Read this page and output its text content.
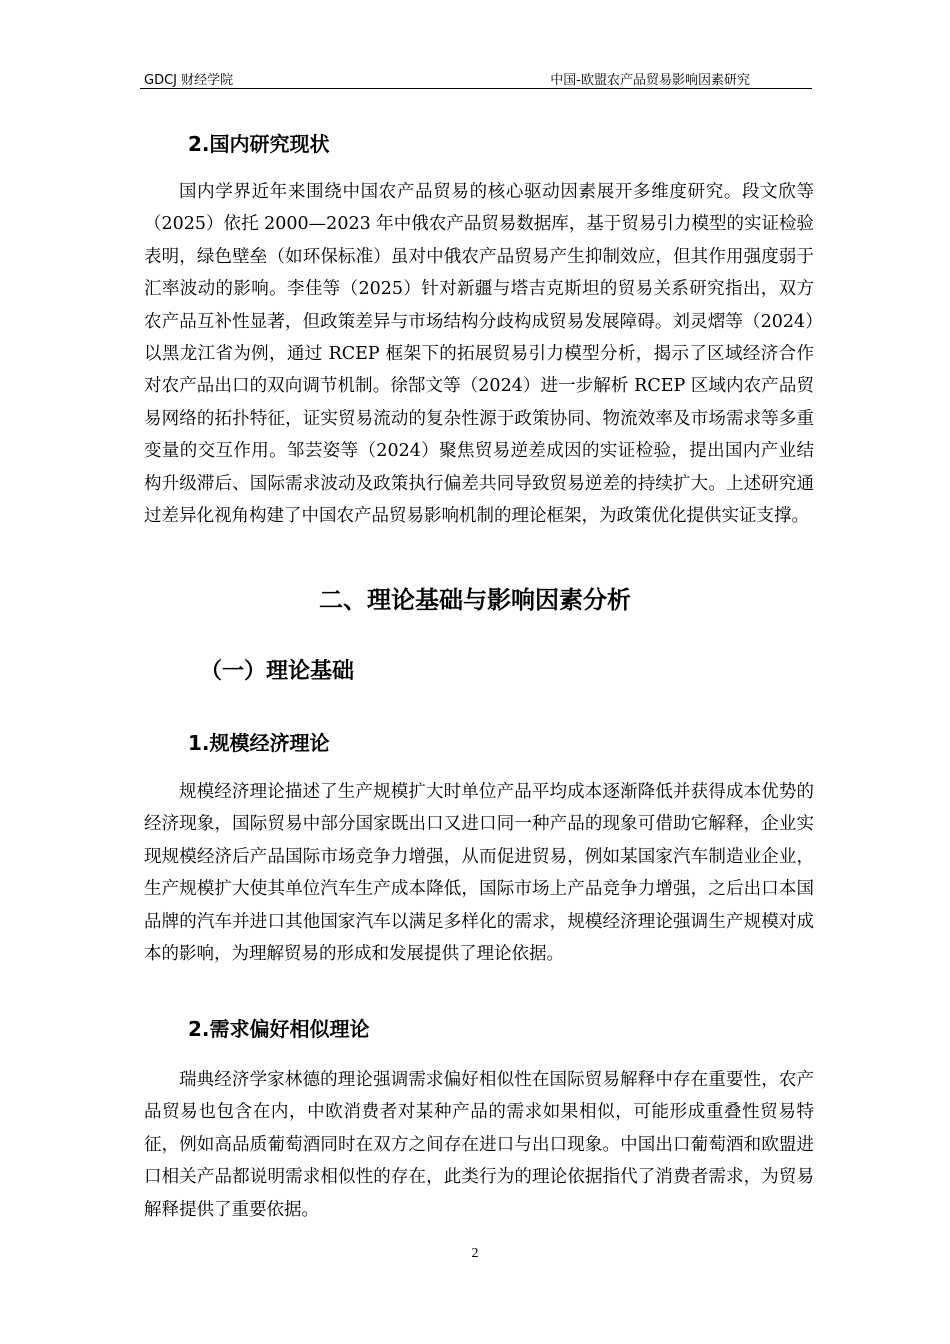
GDCJ 财经学院	中国-欧盟农产品贸易影响因素研究
2.国内研究现状
国内学界近年来围绕中国农产品贸易的核心驱动因素展开多维度研究。段文欣等（2025）依托 2000—2023 年中俄农产品贸易数据库，基于贸易引力模型的实证检验表明，绿色壁垒（如环保标准）虽对中俄农产品贸易产生抑制效应，但其作用强度弱于汇率波动的影响。李佳等（2025）针对新疆与塔吉克斯坦的贸易关系研究指出，双方农产品互补性显著，但政策差异与市场结构分歧构成贸易发展障碍。刘灵熠等（2024）以黑龙江省为例，通过 RCEP 框架下的拓展贸易引力模型分析，揭示了区域经济合作对农产品出口的双向调节机制。徐郜文等（2024）进一步解析 RCEP 区域内农产品贸易网络的拓扑特征，证实贸易流动的复杂性源于政策协同、物流效率及市场需求等多重变量的交互作用。邹芸姿等（2024）聚焦贸易逆差成因的实证检验，提出国内产业结构升级滞后、国际需求波动及政策执行偏差共同导致贸易逆差的持续扩大。上述研究通过差异化视角构建了中国农产品贸易影响机制的理论框架，为政策优化提供实证支撑。
二、理论基础与影响因素分析
（一）理论基础
1.规模经济理论
规模经济理论描述了生产规模扩大时单位产品平均成本逐渐降低并获得成本优势的经济现象，国际贸易中部分国家既出口又进口同一种产品的现象可借助它解释，企业实现规模经济后产品国际市场竞争力增强，从而促进贸易，例如某国家汽车制造业企业，生产规模扩大使其单位汽车生产成本降低，国际市场上产品竞争力增强，之后出口本国品牌的汽车并进口其他国家汽车以满足多样化的需求，规模经济理论强调生产规模对成本的影响，为理解贸易的形成和发展提供了理论依据。
2.需求偏好相似理论
瑞典经济学家林德的理论强调需求偏好相似性在国际贸易解释中存在重要性，农产品贸易也包含在内，中欧消费者对某种产品的需求如果相似，可能形成重叠性贸易特征，例如高品质葡萄酒同时在双方之间存在进口与出口现象。中国出口葡萄酒和欧盟进口相关产品都说明需求相似性的存在，此类行为的理论依据指代了消费者需求，为贸易解释提供了重要依据。
2
